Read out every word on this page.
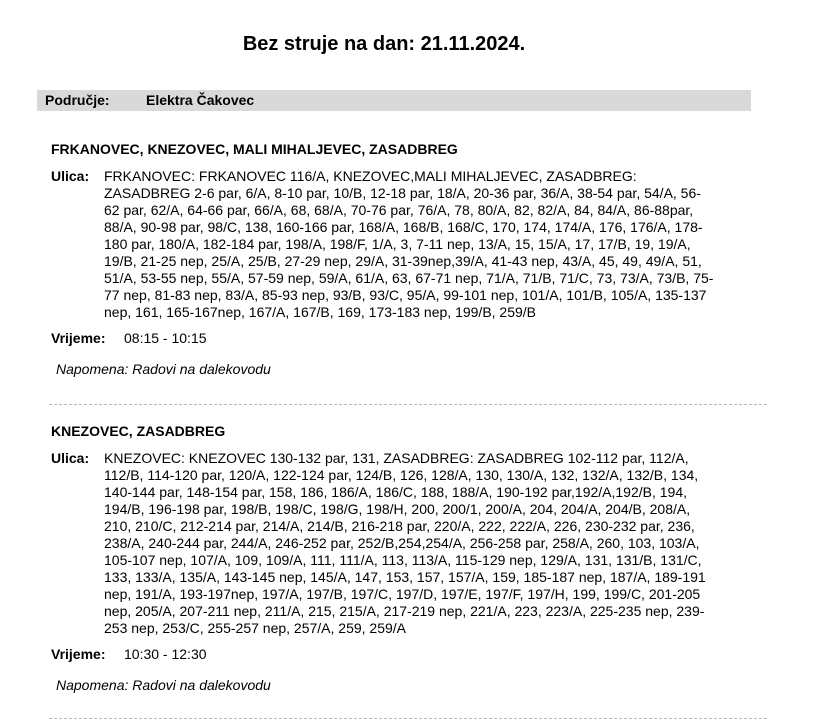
Bez struje na dan: 21.11.2024.
Područje:	Elektra Čakovec
FRKANOVEC, KNEZOVEC, MALI MIHALJEVEC, ZASADBREG
Ulica: FRKANOVEC: FRKANOVEC 116/A, KNEZOVEC,MALI MIHALJEVEC, ZASADBREG: ZASADBREG 2-6 par, 6/A, 8-10 par, 10/B, 12-18 par, 18/A, 20-36 par, 36/A, 38-54 par, 54/A, 56-62 par, 62/A, 64-66 par, 66/A, 68, 68/A, 70-76 par, 76/A, 78, 80/A, 82, 82/A, 84, 84/A, 86-88par, 88/A, 90-98 par, 98/C, 138, 160-166 par, 168/A, 168/B, 168/C, 170, 174, 174/A, 176, 176/A, 178-180 par, 180/A, 182-184 par, 198/A, 198/F, 1/A, 3, 7-11 nep, 13/A, 15, 15/A, 17, 17/B, 19, 19/A, 19/B, 21-25 nep, 25/A, 25/B, 27-29 nep, 29/A, 31-39nep,39/A, 41-43 nep, 43/A, 45, 49, 49/A, 51, 51/A, 53-55 nep, 55/A, 57-59 nep, 59/A, 61/A, 63, 67-71 nep, 71/A, 71/B, 71/C, 73, 73/A, 73/B, 75-77 nep, 81-83 nep, 83/A, 85-93 nep, 93/B, 93/C, 95/A, 99-101 nep, 101/A, 101/B, 105/A, 135-137 nep, 161, 165-167nep, 167/A, 167/B, 169, 173-183 nep, 199/B, 259/B
Vrijeme: 08:15 - 10:15
Napomena: Radovi na dalekovodu
KNEZOVEC, ZASADBREG
Ulica: KNEZOVEC: KNEZOVEC 130-132 par, 131, ZASADBREG: ZASADBREG 102-112 par, 112/A, 112/B, 114-120 par, 120/A, 122-124 par, 124/B, 126, 128/A, 130, 130/A, 132, 132/A, 132/B, 134, 140-144 par, 148-154 par, 158, 186, 186/A, 186/C, 188, 188/A, 190-192 par,192/A,192/B, 194, 194/B, 196-198 par, 198/B, 198/C, 198/G, 198/H, 200, 200/1, 200/A, 204, 204/A, 204/B, 208/A, 210, 210/C, 212-214 par, 214/A, 214/B, 216-218 par, 220/A, 222, 222/A, 226, 230-232 par, 236, 238/A, 240-244 par, 244/A, 246-252 par, 252/B,254,254/A, 256-258 par, 258/A, 260, 103, 103/A, 105-107 nep, 107/A, 109, 109/A, 111, 111/A, 113, 113/A, 115-129 nep, 129/A, 131, 131/B, 131/C, 133, 133/A, 135/A, 143-145 nep, 145/A, 147, 153, 157, 157/A, 159, 185-187 nep, 187/A, 189-191 nep, 191/A, 193-197nep, 197/A, 197/B, 197/C, 197/D, 197/E, 197/F, 197/H, 199, 199/C, 201-205 nep, 205/A, 207-211 nep, 211/A, 215, 215/A, 217-219 nep, 221/A, 223, 223/A, 225-235 nep, 239-253 nep, 253/C, 255-257 nep, 257/A, 259, 259/A
Vrijeme: 10:30 - 12:30
Napomena: Radovi na dalekovodu
